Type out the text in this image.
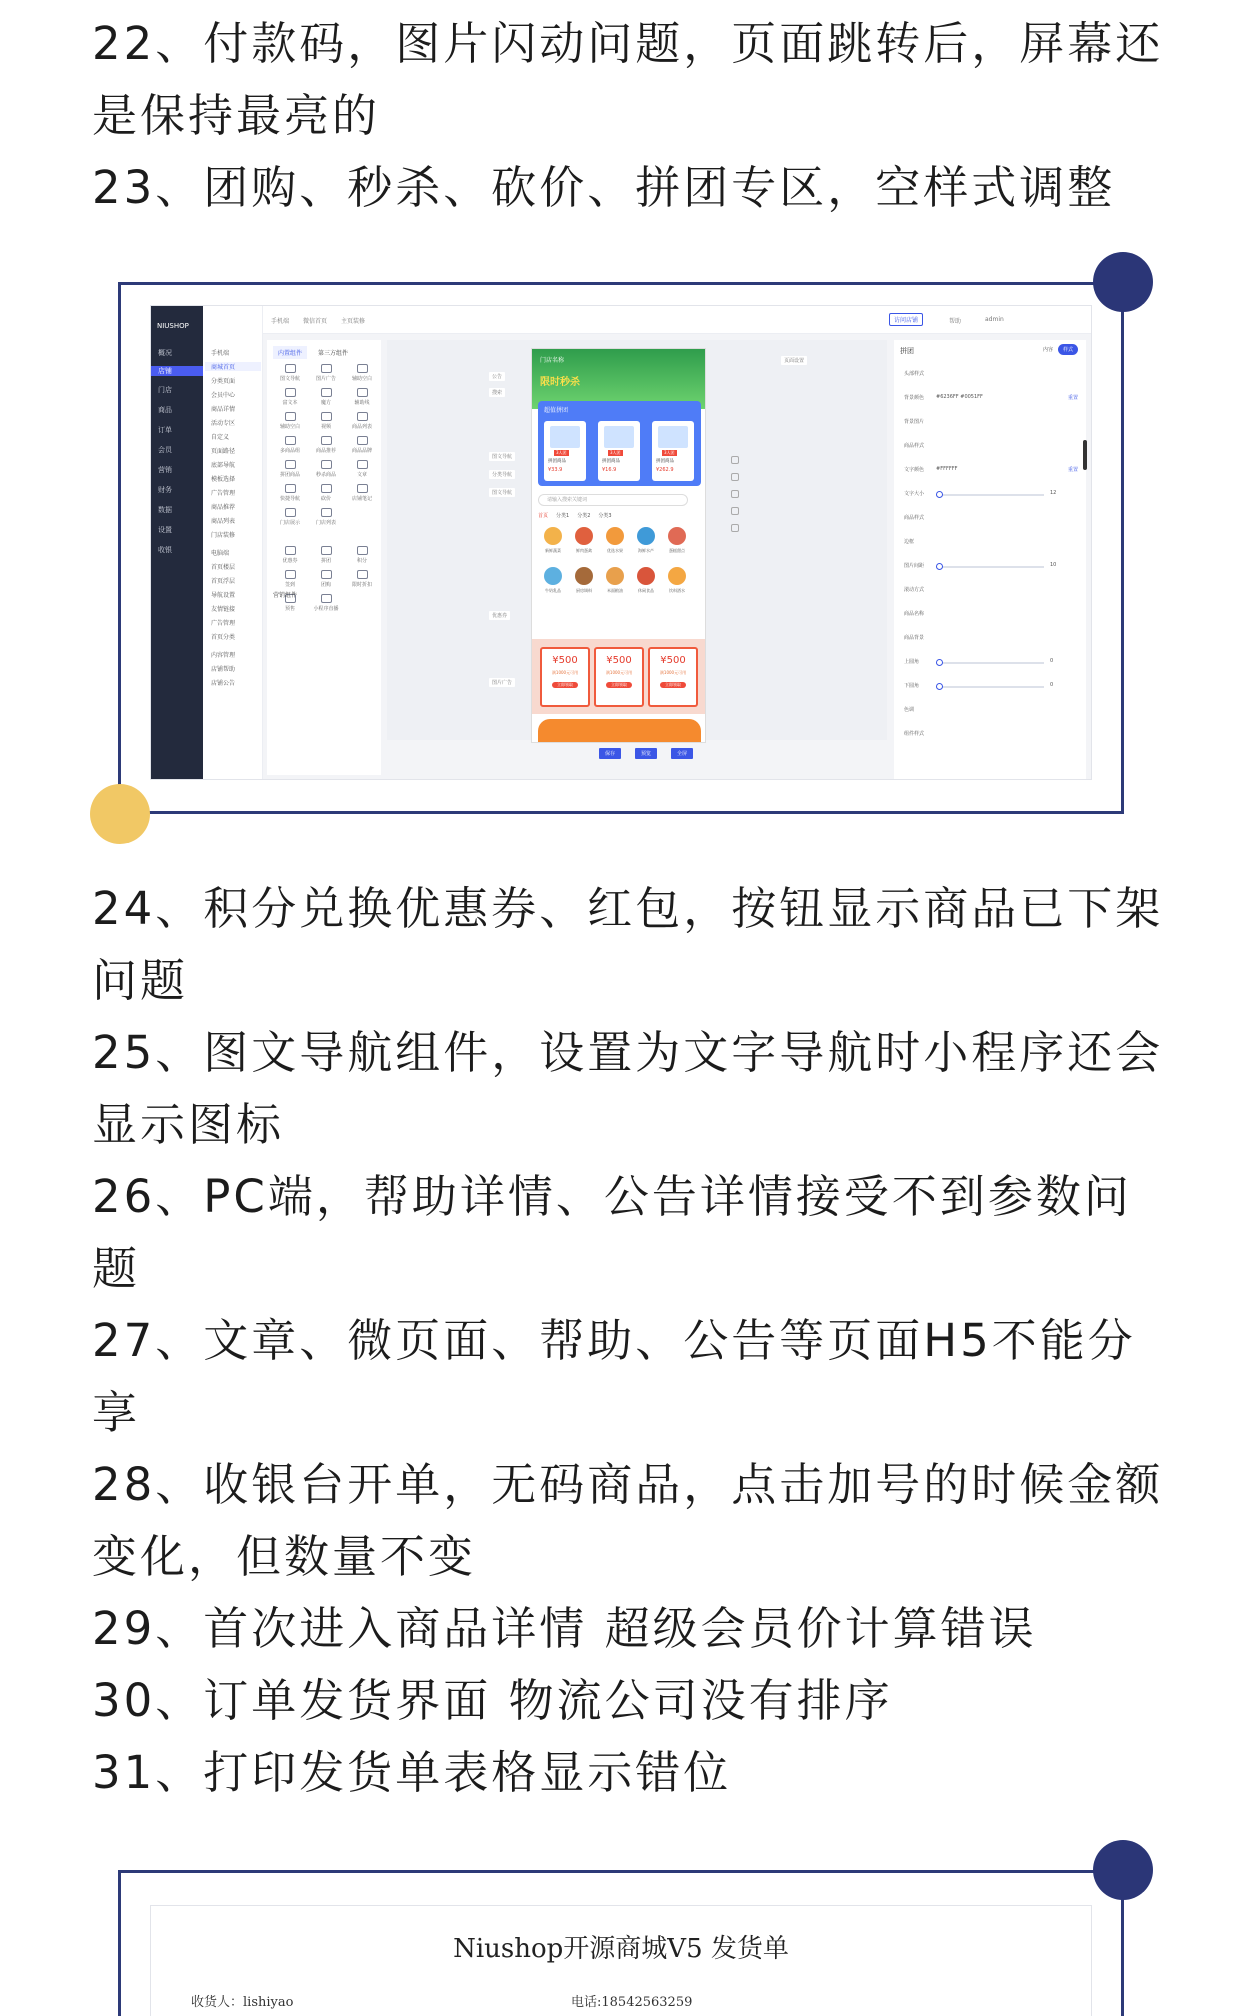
22、付款码，图片闪动问题，页面跳转后，屏幕还
是保持最亮的
23、团购、秒杀、砍价、拼团专区，空样式调整
NIUSHOP
概况
店铺
门店
商品
订单
会员
营销
财务
数据
设置
收银
手机端
商城首页
分类页面
会员中心
商品详情
活动专区
自定义
页面路径
底部导航
模板选择
广告管理
商品推荐
商品列表
门店装修
电脑端
首页楼层
首页浮层
导航设置
友情链接
广告管理
首页分类
内容管理
店铺帮助
店铺公告
手机端 微信首页 主页装修	访问店铺	帮助	admin
内置组件	第三方组件
图文导航	图片广告	辅助空白
富文本	魔方	辅助线
辅助空白	视频	商品列表
多商品组	商品推荐	商品品牌
拼团商品	秒杀商品	文章
快捷导航	砍价	店铺笔记
门店展示	门店列表
优惠券	拼团	积分
签到	团购	限时折扣
预售	小程序直播
营销组件
公告
搜索
页面设置
图文导航
分类导航
图文导航
优惠券
图片广告
门店名称
限时秒杀
超值拼团
3人团
拼团商品
¥33.9
3人团
拼团商品
¥16.9
3人团
拼团商品
¥262.9
请输入搜索关键词
首页 分类1 分类2 分类3
新鲜蔬菜	鲜肉蛋禽	优选水果	海鲜水产	蛋糕甜点
牛奶乳品	厨房调料	米面粮油	休闲食品	饮料酒水
¥500
满1000元可用
立即领取
¥500
满1000元可用
立即领取
¥500
满1000元可用
立即领取
保存	预览	全屏
拼团	内容 样式
头部样式
背景颜色 #6236FF #0051FF	重置
背景图片
商品样式
文字颜色 #FFFFFF	重置
文字大小	12
商品样式
边框
图片间距	10
滚动方式
商品名称
商品背景
上圆角	0
下圆角	0
色调
组件样式
24、积分兑换优惠券、红包，按钮显示商品已下架
问题
25、图文导航组件，设置为文字导航时小程序还会
显示图标
26、PC端，帮助详情、公告详情接受不到参数问
题
27、文章、微页面、帮助、公告等页面H5不能分
享
28、收银台开单，无码商品，点击加号的时候金额
变化，但数量不变
29、首次进入商品详情 超级会员价计算错误
30、订单发货界面 物流公司没有排序
31、打印发货单表格显示错位
Niushop开源商城V5 发货单
收货人：lishiyao	电话:18542563259
